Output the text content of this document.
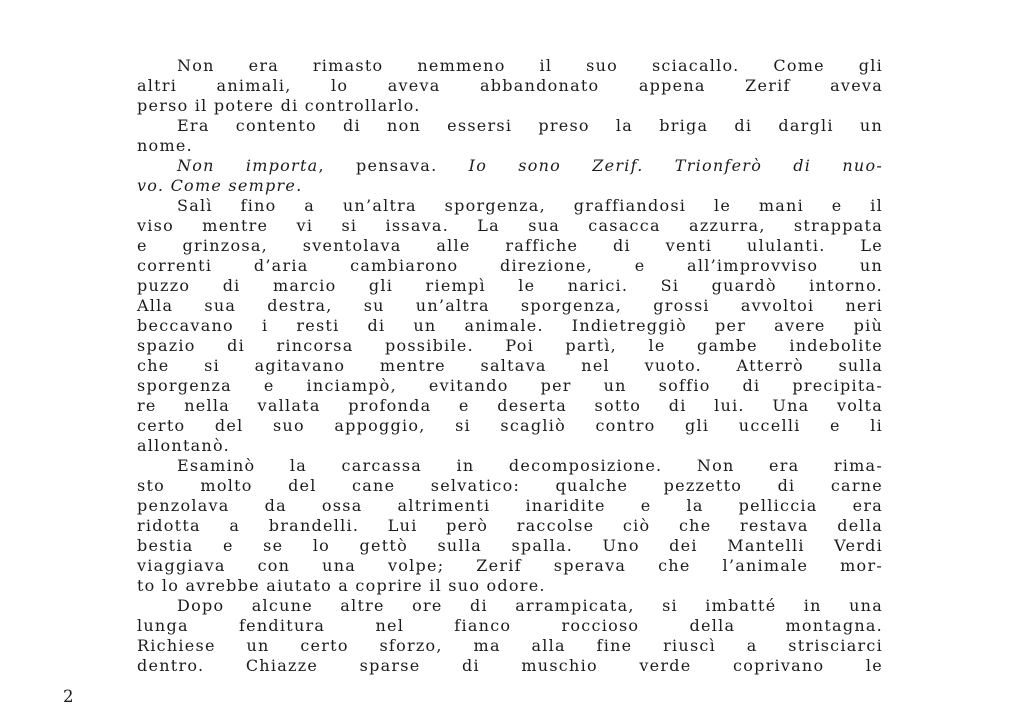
Non era rimasto nemmeno il suo sciacallo. Come gli
altri animali, lo aveva abbandonato appena Zerif aveva
perso il potere di controllarlo.
Era contento di non essersi preso la briga di dargli un
nome.
Non importa, pensava. Io sono Zerif. Trionferò di nuo-
vo. Come sempre.
Salì fino a un’altra sporgenza, graffiandosi le mani e il
viso mentre vi si issava. La sua casacca azzurra, strappata
e grinzosa, sventolava alle raffiche di venti ululanti. Le
correnti d’aria cambiarono direzione, e all’improvviso un
puzzo di marcio gli riempì le narici. Si guardò intorno.
Alla sua destra, su un’altra sporgenza, grossi avvoltoi neri
beccavano i resti di un animale. Indietreggiò per avere più
spazio di rincorsa possibile. Poi partì, le gambe indebolite
che si agitavano mentre saltava nel vuoto. Atterrò sulla
sporgenza e inciampò, evitando per un soffio di precipita-
re nella vallata profonda e deserta sotto di lui. Una volta
certo del suo appoggio, si scagliò contro gli uccelli e li
allontanò.
Esaminò la carcassa in decomposizione. Non era rima-
sto molto del cane selvatico: qualche pezzetto di carne
penzolava da ossa altrimenti inaridite e la pelliccia era
ridotta a brandelli. Lui però raccolse ciò che restava della
bestia e se lo gettò sulla spalla. Uno dei Mantelli Verdi
viaggiava con una volpe; Zerif sperava che l’animale mor-
to lo avrebbe aiutato a coprire il suo odore.
Dopo alcune altre ore di arrampicata, si imbatté in una
lunga fenditura nel fianco roccioso della montagna.
Richiese un certo sforzo, ma alla fine riuscì a strisciarci
dentro. Chiazze sparse di muschio verde coprivano le
2
